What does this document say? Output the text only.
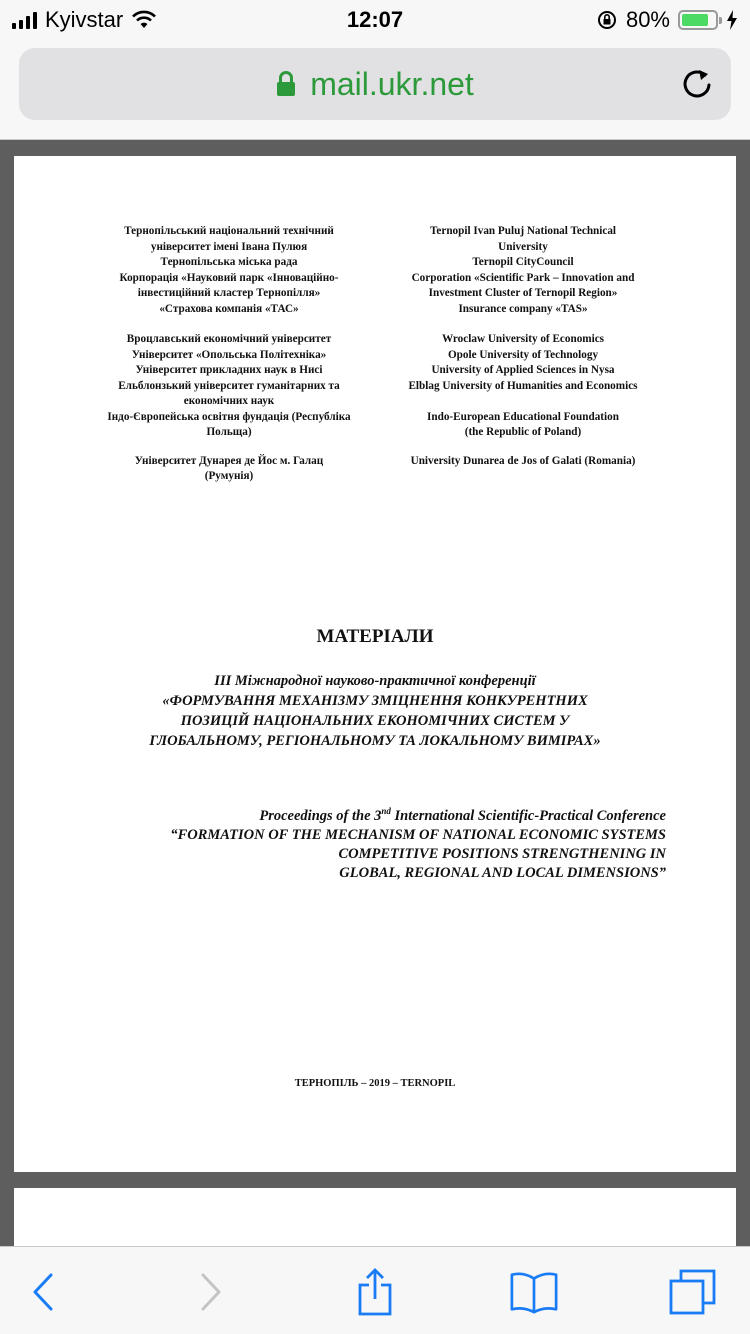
Kyivstar	12:07	80%
mail.ukr.net
Тернопільський національний технічний
університет імені Івана Пулюя
Тернопільська міська рада
Корпорація «Науковий парк «Інноваційно-
інвестиційний кластер Тернопілля»
«Страхова компанія «ТАС»
Вроцлавський економічний університет
Університет «Опольська Політехніка»
Університет прикладних наук в Нисі
Ельблонзький університет гуманітарних та
економічних наук
Індо-Європейська освітня фундація (Республіка
Польща)
Університет Дунарея де Йос м. Галац
(Румунія)
Ternopil Ivan Puluj National Technical
University
Ternopil CityCouncil
Corporation «Scientific Park – Innovation and
Investment Cluster of Ternopil Region»
Insurance company «TAS»
Wroclaw University of Economics
Opole University of Technology
University of Applied Sciences in Nysa
Elblag University of Humanities and Economics
Indo-European Educational Foundation
(the Republic of Poland)
University Dunarea de Jos of Galati (Romania)
МАТЕРІАЛИ
ІІІ Міжнародної науково-практичної конференції
«ФОРМУВАННЯ МЕХАНІЗМУ ЗМІЦНЕННЯ КОНКУРЕНТНИХ
ПОЗИЦІЙ НАЦІОНАЛЬНИХ ЕКОНОМІЧНИХ СИСТЕМ У
ГЛОБАЛЬНОМУ, РЕГІОНАЛЬНОМУ ТА ЛОКАЛЬНОМУ ВИМІРАХ»
Proceedings of the 3nd International Scientific-Practical Conference
“FORMATION OF THE MECHANISM OF NATIONAL ECONOMIC SYSTEMS
COMPETITIVE POSITIONS STRENGTHENING IN
GLOBAL, REGIONAL AND LOCAL DIMENSIONS”
ТЕРНОПІЛЬ – 2019 – TERNOPIL
